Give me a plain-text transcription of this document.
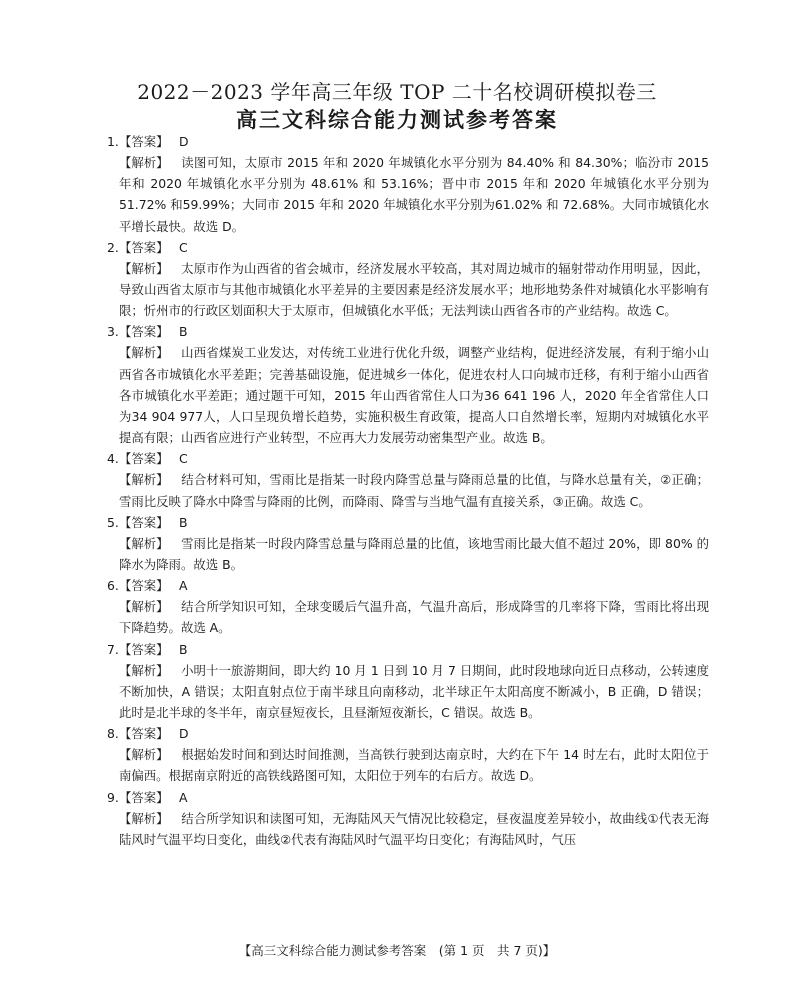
2022－2023 学年高三年级 TOP 二十名校调研模拟卷三
高三文科综合能力测试参考答案
1.【答案】 D
【解析】 读图可知，太原市 2015 年和 2020 年城镇化水平分别为 84.40% 和 84.30%；临汾市 2015 年和 2020 年城镇化水平分别为 48.61% 和 53.16%；晋中市 2015 年和 2020 年城镇化水平分别为51.72% 和59.99%；大同市 2015 年和 2020 年城镇化水平分别为61.02% 和 72.68%。大同市城镇化水平增长最快。故选 D。
2.【答案】 C
【解析】 太原市作为山西省的省会城市，经济发展水平较高，其对周边城市的辐射带动作用明显，因此，导致山西省太原市与其他市城镇化水平差异的主要因素是经济发展水平；地形地势条件对城镇化水平影响有限；忻州市的行政区划面积大于太原市，但城镇化水平低；无法判读山西省各市的产业结构。故选 C。
3.【答案】 B
【解析】 山西省煤炭工业发达，对传统工业进行优化升级，调整产业结构，促进经济发展，有利于缩小山西省各市城镇化水平差距；完善基础设施，促进城乡一体化，促进农村人口向城市迁移，有利于缩小山西省各市城镇化水平差距；通过题干可知，2015 年山西省常住人口为36 641 196 人，2020 年全省常住人口为34 904 977人，人口呈现负增长趋势，实施积极生育政策，提高人口自然增长率，短期内对城镇化水平提高有限；山西省应进行产业转型，不应再大力发展劳动密集型产业。故选 B。
4.【答案】 C
【解析】 结合材料可知，雪雨比是指某一时段内降雪总量与降雨总量的比值，与降水总量有关，②正确；雪雨比反映了降水中降雪与降雨的比例，而降雨、降雪与当地气温有直接关系，③正确。故选 C。
5.【答案】 B
【解析】 雪雨比是指某一时段内降雪总量与降雨总量的比值，该地雪雨比最大值不超过 20%，即 80% 的降水为降雨。故选 B。
6.【答案】 A
【解析】 结合所学知识可知，全球变暖后气温升高，气温升高后，形成降雪的几率将下降，雪雨比将出现下降趋势。故选 A。
7.【答案】 B
【解析】 小明十一旅游期间，即大约 10 月 1 日到 10 月 7 日期间，此时段地球向近日点移动，公转速度不断加快，A 错误；太阳直射点位于南半球且向南移动，北半球正午太阳高度不断减小，B 正确，D 错误；此时是北半球的冬半年，南京昼短夜长，且昼渐短夜渐长，C 错误。故选 B。
8.【答案】 D
【解析】 根据始发时间和到达时间推测，当高铁行驶到达南京时，大约在下午 14 时左右，此时太阳位于南偏西。根据南京附近的高铁线路图可知，太阳位于列车的右后方。故选 D。
9.【答案】 A
【解析】 结合所学知识和读图可知，无海陆风天气情况比较稳定，昼夜温度差异较小，故曲线①代表无海陆风时气温平均日变化，曲线②代表有海陆风时气温平均日变化；有海陆风时，气压
【高三文科综合能力测试参考答案　(第 1 页　共 7 页)】
